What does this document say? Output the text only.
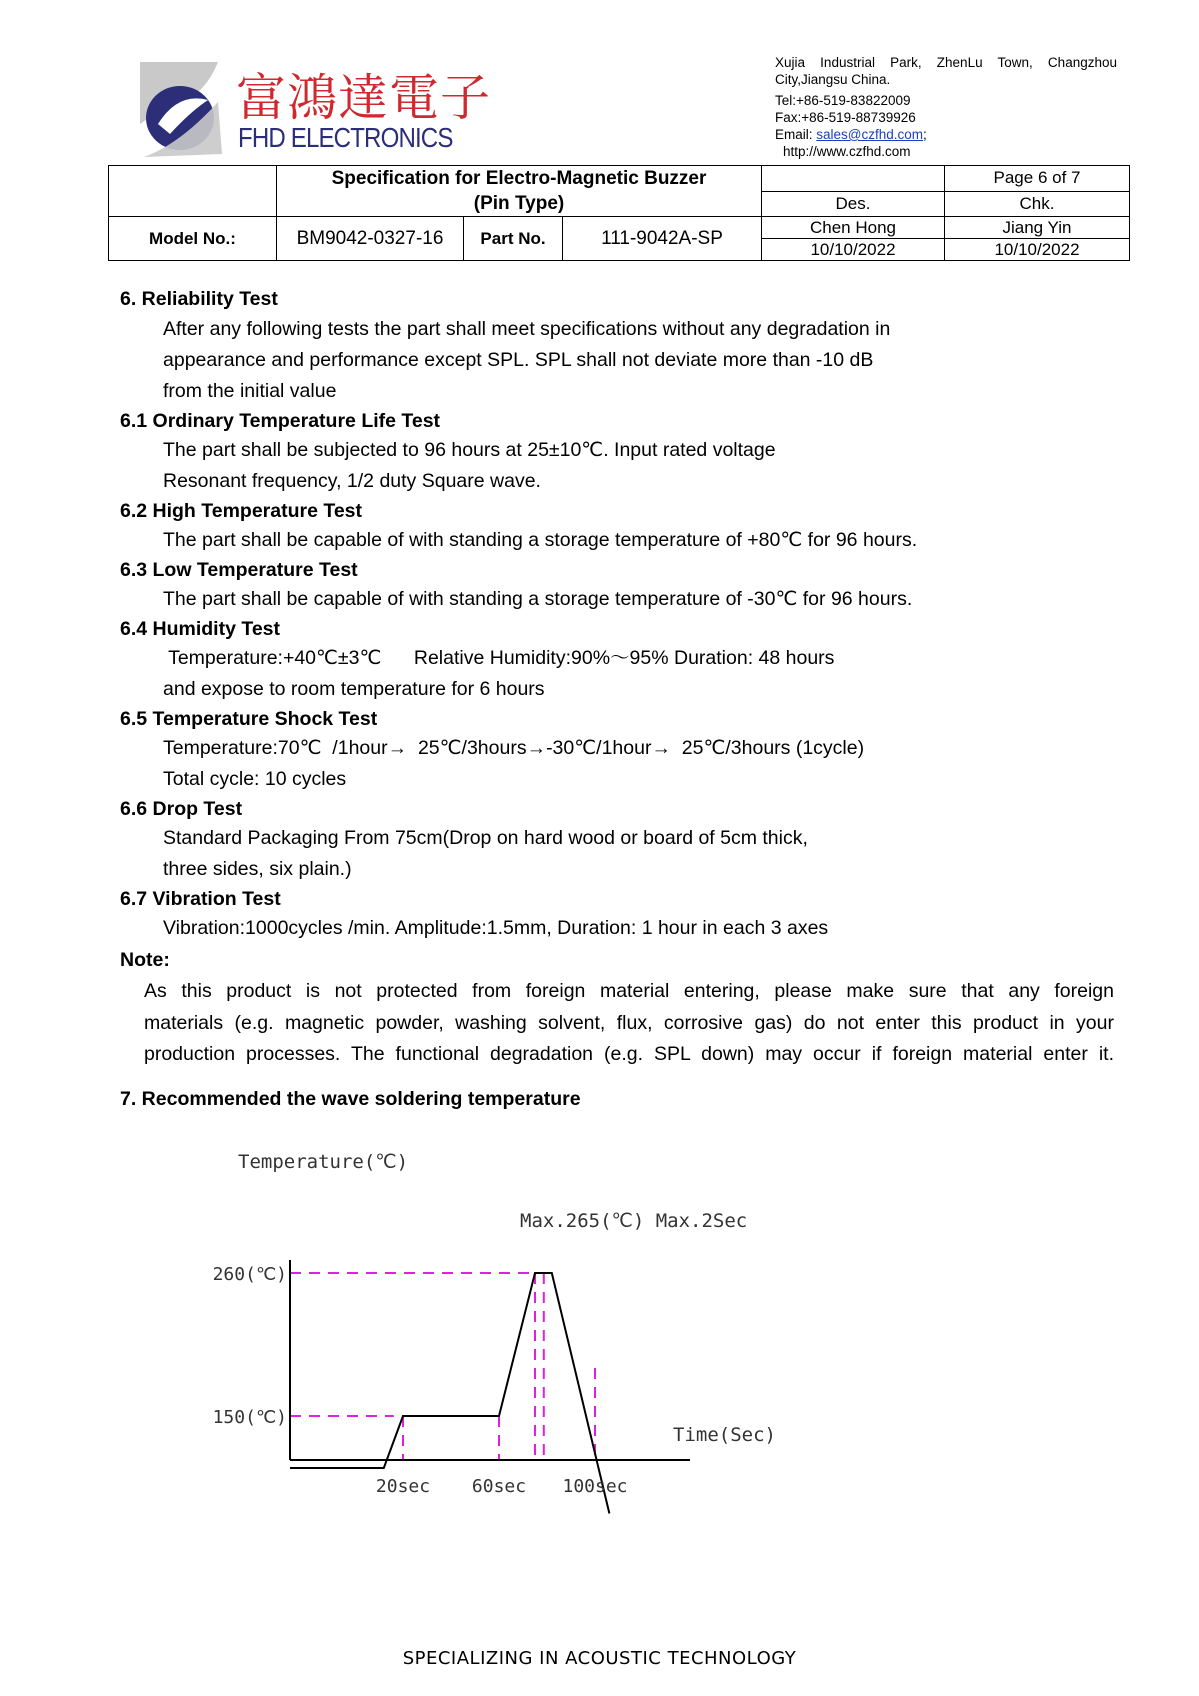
富鴻達電子
FHD ELECTRONICS
Xujia Industrial Park, ZhenLu Town, Changzhou
City,Jiangsu China.
Tel:+86-519-83822009
Fax:+86-519-88739926
Email: sales@czfhd.com;
http://www.czfhd.com

	Specification for Electro-Magnetic Buzzer
(Pin Type)				Page 6 of 7
				Des.	Chk.
Model No.:	BM9042-0327-16	Part No.	111-9042A-SP	Chen Hong	Jiang Yin
				10/10/2022	10/10/2022
6. Reliability Test
After any following tests the part shall meet specifications without any degradation in
appearance and performance except SPL. SPL shall not deviate more than -10 dB
from the initial value
6.1 Ordinary Temperature Life Test
The part shall be subjected to 96 hours at 25±10℃. Input rated voltage
Resonant frequency, 1/2 duty Square wave.
6.2 High Temperature Test
The part shall be capable of with standing a storage temperature of +80℃ for 96 hours.
6.3 Low Temperature Test
The part shall be capable of with standing a storage temperature of -30℃ for 96 hours.
6.4 Humidity Test
Temperature:+40℃±3℃      Relative Humidity:90%～95% Duration: 48 hours
and expose to room temperature for 6 hours
6.5 Temperature Shock Test
Temperature:70℃  /1hour→  25℃/3hours→-30℃/1hour→  25℃/3hours (1cycle)
Total cycle: 10 cycles
6.6 Drop Test
Standard Packaging From 75cm(Drop on hard wood or board of 5cm thick,
three sides, six plain.)
6.7 Vibration Test
Vibration:1000cycles /min. Amplitude:1.5mm, Duration: 1 hour in each 3 axes
Note:
As this product is not protected from foreign material entering, please make sure that any foreign
materials (e.g. magnetic powder, washing solvent, flux, corrosive gas) do not enter this product in your
production processes. The functional degradation (e.g. SPL down) may occur if foreign material enter it.
7. Recommended the wave soldering temperature
Temperature(℃)
Time(Sec)
Max.265(℃) Max.2Sec
260(℃)
150(℃)
20sec 60sec 100sec
SPECIALIZING IN ACOUSTIC TECHNOLOGY
